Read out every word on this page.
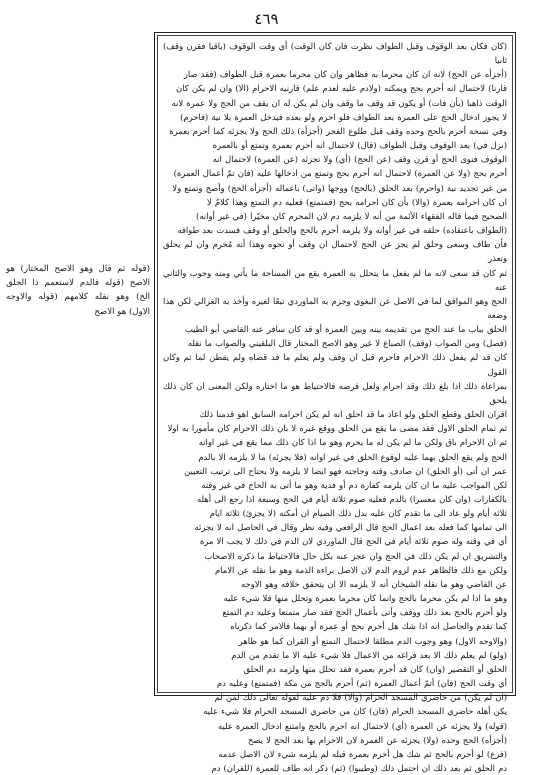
٤٦٩
(قوله ثم قال وهو الاصح المختار) هو الاصح (قوله فالدم لاستعمم ذا الحلق الخ) وهو نقله كلامهم (قوله والاوجه الاول) هو الاصح
(كان فكان بعد الوقوف وقبل الطواف نظرت فان كان الوقت) أي وقت الوقوف (باقيا فقرن وقف) ثانيا
(أجزأه عن الحج) لانه ان كان محرما به فظاهر وان كان محرما بعمرة قبل الطواف (فقد صار
قارنا) لاحتمال انه أحرم بحج ويمكنه (ولادم عليه لعدم علم) قارنيه الاحرام (الا) وان لم يكن كان
الوقت ذاهبا (بأن فات) أو يكون قد وقف ما وقف وان لم يكن له ان يقف من الحج ولا عمرة لانه
لا يجوز ادخال الحج على العمرة بعد الطواف فلو احرم ولو بعده فيدخل العمرة بلا نية (فاحرم)
وفي نسخة أحرم بالحج وحده وقف قبل طلوع الفجر (أجزأه) ذلك الحج ولا يجزئه كما أحرم بعمرة
(نزل في) بعد الوقوف وقبل الطواف (قال) لاحتمال انه أحرم بعمرة وتمتع أو بالعمرة
الوقوف فنوى الحج أو قرن وقف (عن الحج) (أي) ولا تجزئه (عن العمرة) لاحتمال انه
أحرم بحج (ولا عن العمرة) لاحتمال انه أحرم بحج وتمتع من ادخالها عليه (فان تمّ أعمال العمرة)
من غير تجديد نية (واحرم) بعد الحلق (بالحج) ووجها (واتى) باعماله (أجزأه الحج) وأصح وتمتع ولا
ان كان احرامه بعمرة (والا) بأن كان احرامه بحج (فمتمتع) فعليه دم التمتع وهذا كلامٌ لا
الصحيح فيما قاله الفقهاء الأئمة من أنه لا يلزمه دم لان المحرم كان مخيّرا (في غير أوانه)
(الطواف باعتقاده) حلقه في غير أوانه ولا يلزمه أحرم بالحج والحلق أو وقف فسدت بعد طوافه
فأن طاف وسعى وحلق لم يجز عن الحج لاحتمال ان وقف أو نحوه وهذا أنه مُحرم وان لم يحلق وتعذر
ثم كان قد سعى لانه ما لم يفعل ما يتحلل به العمرة يقع من المساحة ما يأتي ومنه وجوب والثاني عنه
الحج وهو الموافق لما في الاصل عن البغوي وجزم به الماوردي تبعًا لغيره وأخذ به الغزالي لكن هذا وضعه
الحلق بباب ما عند الحج من تقديمه بينه وبين العمرة أو قد كان سافر عنه القاضي أبو الطيب
(فصل) ومن الصواب (وقف) الصباغ لا غير وهو الاصح المختار قال البلقيني والصواب ما نقله
كان قد لم يفعل ذلك الاحرام فاحرم قبل ان وقف ولم يعلم ما قد قضاه ولم يفطن لما ثم وكان القول
بمراعاة ذلك اذا بلغ ذلك وقد احرام ولعل فرضه فالاحتياط هو ما اختاره ولكن المعنى ان كان ذلك يلحق
اقران الحلق وقطع الحلق ولو اعاد ما قد احلق انه لم يكن احرامه السابق اهو قدمنا ذلك
ثم تمام الحلق الاول فقد مضى ما يقع من الحلق ووقع غيره لا بان ذلك الاحرام كان مأمورا به اولا
ثم ان الاحرام باق ولكن ما لم يكن له ما يحرم وهو ما اذا كان ذلك مما يقع في غير اوانه
الحج ولم يقع الحلق بهما عليه لوقوع الحلق في غير اوانه (فلا يجزئه) ما لا يلزمه الا بالدم
عمر ان أتى (أو الحلق) ان صادف وقته وحاجته فهو ايضا لا يلزمه ولا يحتاج الى ترتيب التعيين
لكن المواجب عليه ما ان كان يلزمه كفارة دم أو فدية وهو ما أتى به الحاج في غير وقته
بالكفارات (وان كان معسرا) بالدم فعليه صوم ثلاثة أيام في الحج وسبعة اذا رجع الى أهله
ثلاثة أيام ولو عاد الى ما تقدم كان عليه بدل ذلك الصيام ان أمكنه (لا يجزئ) ثلاثة ايام
الى تمامها كما فعله بعد اعمال الحج قال الرافعي وفيه نظر وقال في الحاصل انه لا يجزئه
أي في وقته وله صوم ثلاثة أيام في الحج قال الماوردي لان الدم في ذلك لا يجب الا مرة
والتشريق ان لم يكن ذلك في الحج وان عجز عنه بكل حال فالاحتياط ما ذكره الاصحاب
ولكن مع ذلك فالظاهر عدم لزوم الدم لان الاصل براءة الذمة وهو ما نقله عن الامام
عن القاضي وهو ما نقله الشيخان أنه لا يلزمه الا ان يتحقق خلافه وهو الاوجه
وهو ما اذا لم يكن محرما بالحج وانما كان محرما بعمرة وتحلل منها فلا شيء عليه
ولو أحرم بالحج بعد ذلك ووقف وأتى بأعمال الحج فقد صار متمتعا وعليه دم التمتع
كما تقدم والحاصل انه اذا شك هل أحرم بحج أو عمرة أو بهما فالامر كما ذكرناه
(والاوجه الاول) وهو وجوب الدم مطلقا لاحتمال التمتع أو القران كما هو ظاهر
(ولو) لم يعلم ذلك الا بعد فراغه من الاعمال فلا شيء عليه الا ما تقدم من الدم
الحلق أو التقصير (وان) كان قد أحرم بعمرة فقد تحلل منها ولزمه دم الحلق
أي وقت الحج (فان) أتمّ أعمال العمرة (ثم) أحرم بالحج من مكة (فمتمتع) وعليه دم
(ان لم يكن) من حاضري المسجد الحرام (والا) فلا دم عليه لقوله تعالى ذلك لمن لم
يكن أهله حاضري المسجد الحرام (فان) كان من حاضري المسجد الحرام فلا شيء عليه
(قوله) ولا يجزئه عن العمرة (أي) لاحتمال انه احرم بالحج وامتنع ادخال العمرة عليه
(أجزأه) الحج وحده (ولا) يجزئه عن العمرة لان الاحرام بها بعد الحج لا يصح
(فرع) لو أحرم بالحج ثم شك هل أحرم بعمرة قبله لم يلزمه شيء لان الاصل عدمه
دم الحلق ثم بعد ذلك ان احتمل ذلك (وطيبوا) (ثم) ذكر انه طاف للعمرة (للقران) دم
